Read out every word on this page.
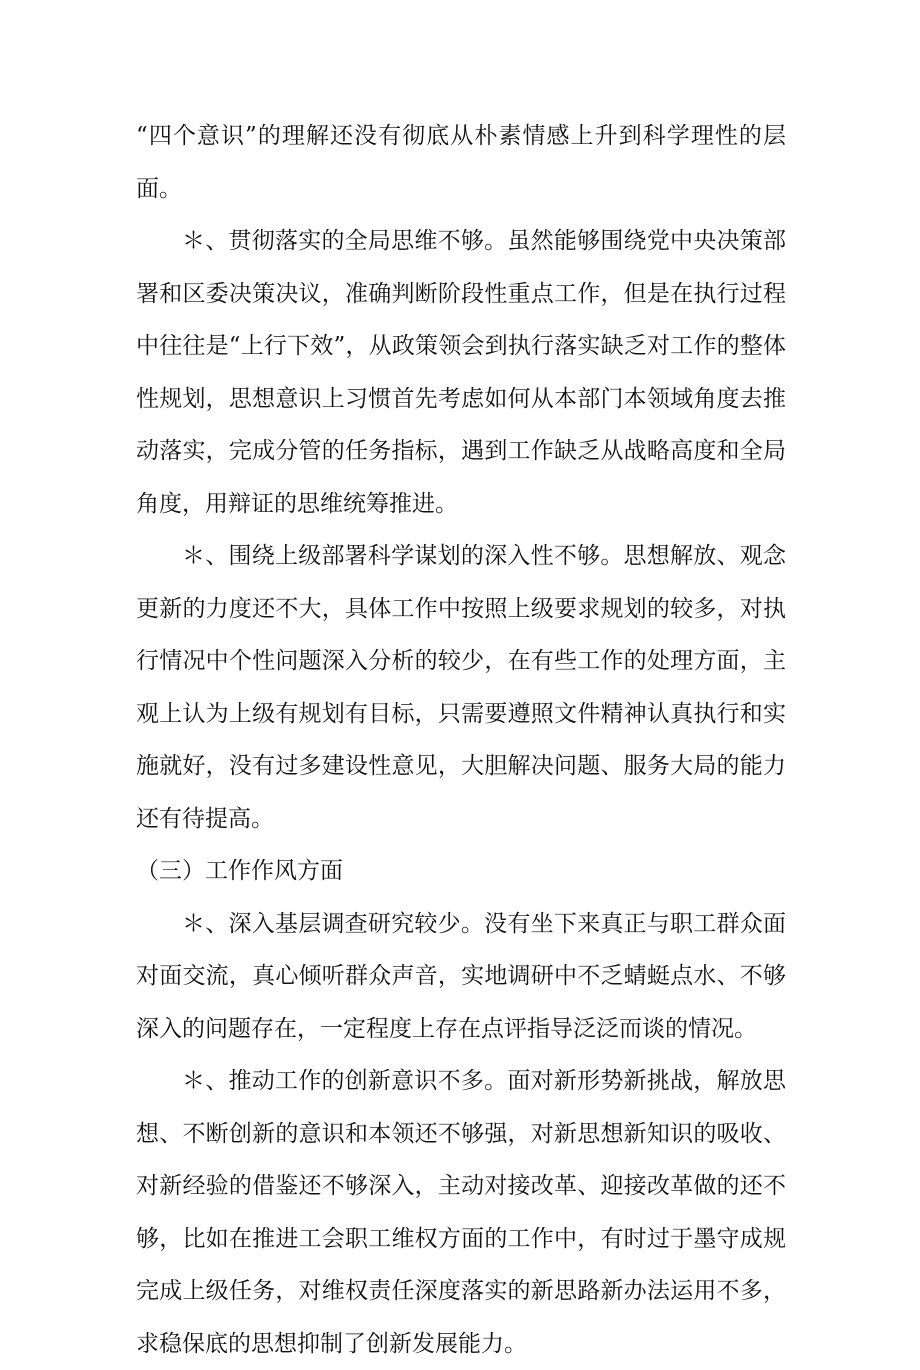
“四个意识”的理解还没有彻底从朴素情感上升到科学理性的层面。

＊、贯彻落实的全局思维不够。虽然能够围绕党中央决策部署和区委决策决议，准确判断阶段性重点工作，但是在执行过程中往往是“上行下效”，从政策领会到执行落实缺乏对工作的整体性规划，思想意识上习惯首先考虑如何从本部门本领域角度去推动落实，完成分管的任务指标，遇到工作缺乏从战略高度和全局角度，用辩证的思维统筹推进。

＊、围绕上级部署科学谋划的深入性不够。思想解放、观念更新的力度还不大，具体工作中按照上级要求规划的较多，对执行情况中个性问题深入分析的较少，在有些工作的处理方面，主观上认为上级有规划有目标，只需要遵照文件精神认真执行和实施就好，没有过多建设性意见，大胆解决问题、服务大局的能力还有待提高。

（三）工作作风方面

＊、深入基层调查研究较少。没有坐下来真正与职工群众面对面交流，真心倾听群众声音，实地调研中不乏蜻蜓点水、不够深入的问题存在，一定程度上存在点评指导泛泛而谈的情况。

＊、推动工作的创新意识不多。面对新形势新挑战，解放思想、不断创新的意识和本领还不够强，对新思想新知识的吸收、对新经验的借鉴还不够深入，主动对接改革、迎接改革做的还不够，比如在推进工会职工维权方面的工作中，有时过于墨守成规完成上级任务，对维权责任深度落实的新思路新办法运用不多，求稳保底的思想抑制了创新发展能力。
